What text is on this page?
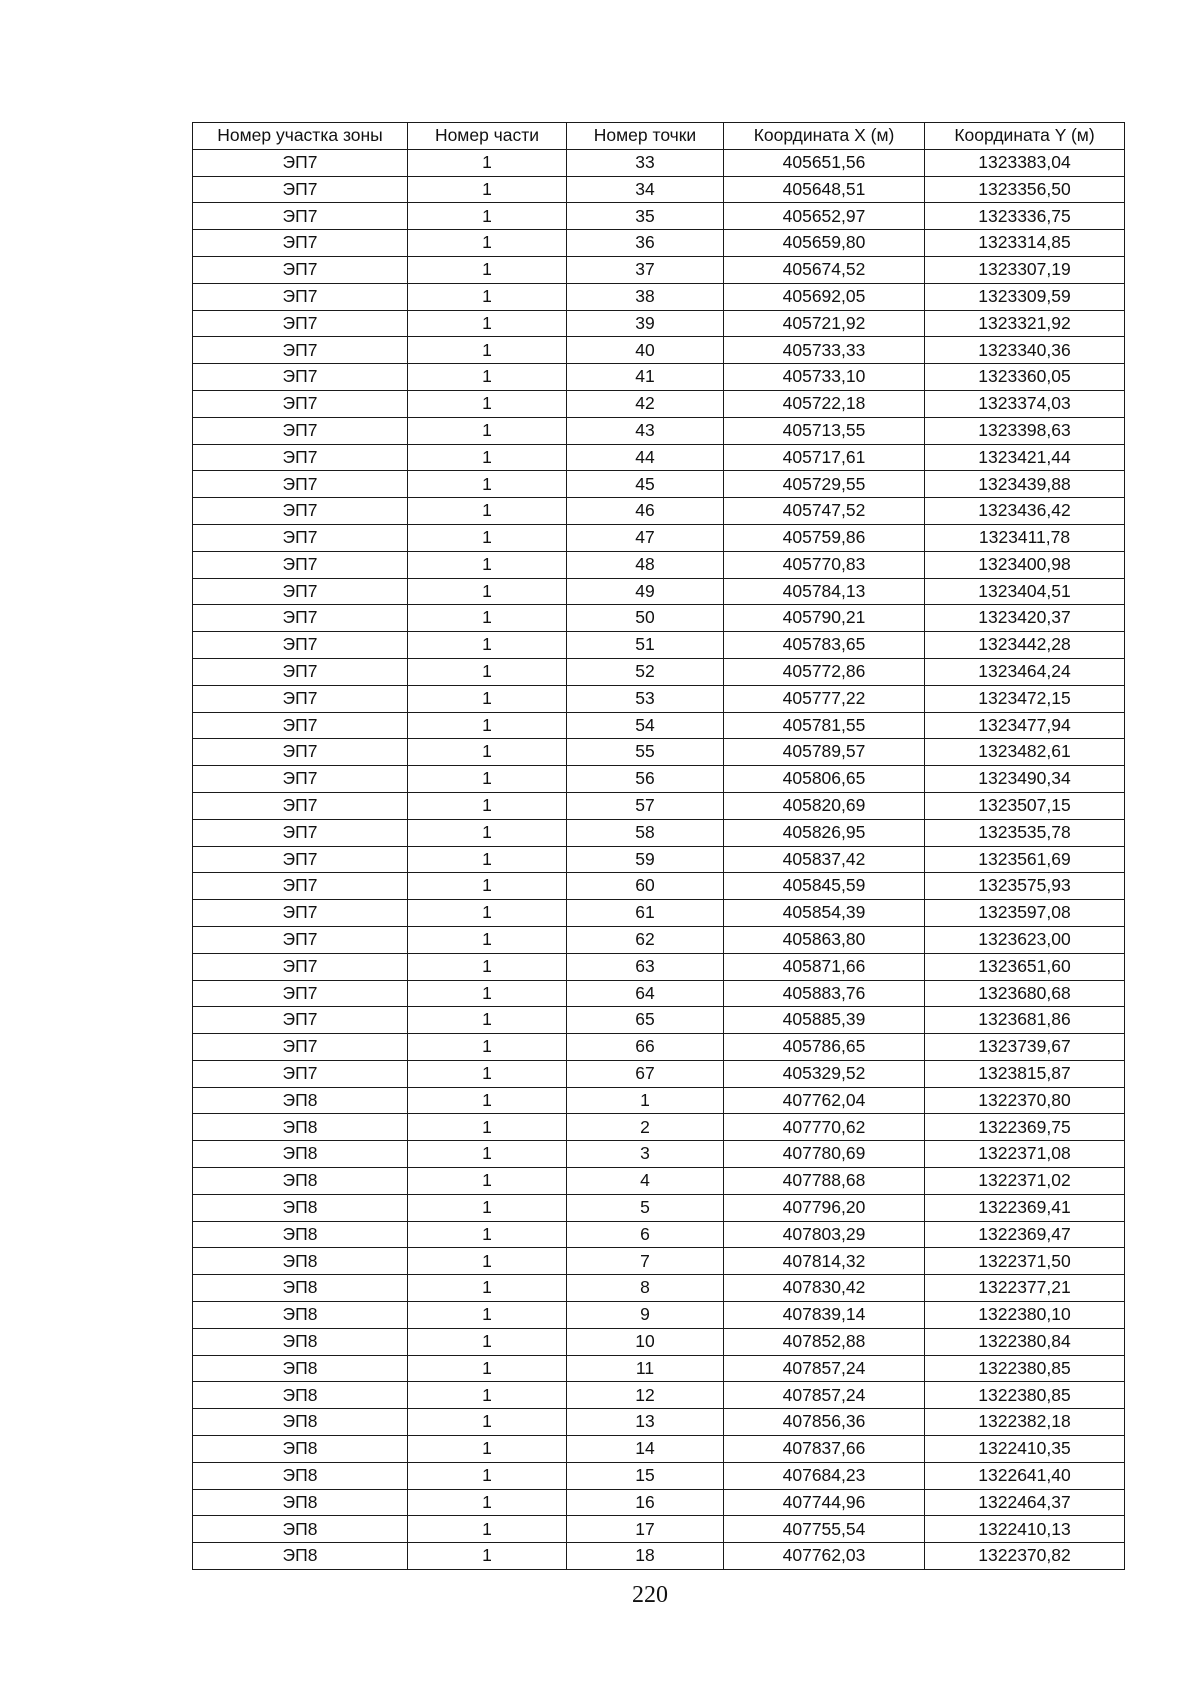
Номер участка зоны	Номер части	Номер точки	Координата X (м)	Координата Y (м)
ЭП7	1	33	405651,56	1323383,04
ЭП7	1	34	405648,51	1323356,50
ЭП7	1	35	405652,97	1323336,75
ЭП7	1	36	405659,80	1323314,85
ЭП7	1	37	405674,52	1323307,19
ЭП7	1	38	405692,05	1323309,59
ЭП7	1	39	405721,92	1323321,92
ЭП7	1	40	405733,33	1323340,36
ЭП7	1	41	405733,10	1323360,05
ЭП7	1	42	405722,18	1323374,03
ЭП7	1	43	405713,55	1323398,63
ЭП7	1	44	405717,61	1323421,44
ЭП7	1	45	405729,55	1323439,88
ЭП7	1	46	405747,52	1323436,42
ЭП7	1	47	405759,86	1323411,78
ЭП7	1	48	405770,83	1323400,98
ЭП7	1	49	405784,13	1323404,51
ЭП7	1	50	405790,21	1323420,37
ЭП7	1	51	405783,65	1323442,28
ЭП7	1	52	405772,86	1323464,24
ЭП7	1	53	405777,22	1323472,15
ЭП7	1	54	405781,55	1323477,94
ЭП7	1	55	405789,57	1323482,61
ЭП7	1	56	405806,65	1323490,34
ЭП7	1	57	405820,69	1323507,15
ЭП7	1	58	405826,95	1323535,78
ЭП7	1	59	405837,42	1323561,69
ЭП7	1	60	405845,59	1323575,93
ЭП7	1	61	405854,39	1323597,08
ЭП7	1	62	405863,80	1323623,00
ЭП7	1	63	405871,66	1323651,60
ЭП7	1	64	405883,76	1323680,68
ЭП7	1	65	405885,39	1323681,86
ЭП7	1	66	405786,65	1323739,67
ЭП7	1	67	405329,52	1323815,87
ЭП8	1	1	407762,04	1322370,80
ЭП8	1	2	407770,62	1322369,75
ЭП8	1	3	407780,69	1322371,08
ЭП8	1	4	407788,68	1322371,02
ЭП8	1	5	407796,20	1322369,41
ЭП8	1	6	407803,29	1322369,47
ЭП8	1	7	407814,32	1322371,50
ЭП8	1	8	407830,42	1322377,21
ЭП8	1	9	407839,14	1322380,10
ЭП8	1	10	407852,88	1322380,84
ЭП8	1	11	407857,24	1322380,85
ЭП8	1	12	407857,24	1322380,85
ЭП8	1	13	407856,36	1322382,18
ЭП8	1	14	407837,66	1322410,35
ЭП8	1	15	407684,23	1322641,40
ЭП8	1	16	407744,96	1322464,37
ЭП8	1	17	407755,54	1322410,13
ЭП8	1	18	407762,03	1322370,82
220
